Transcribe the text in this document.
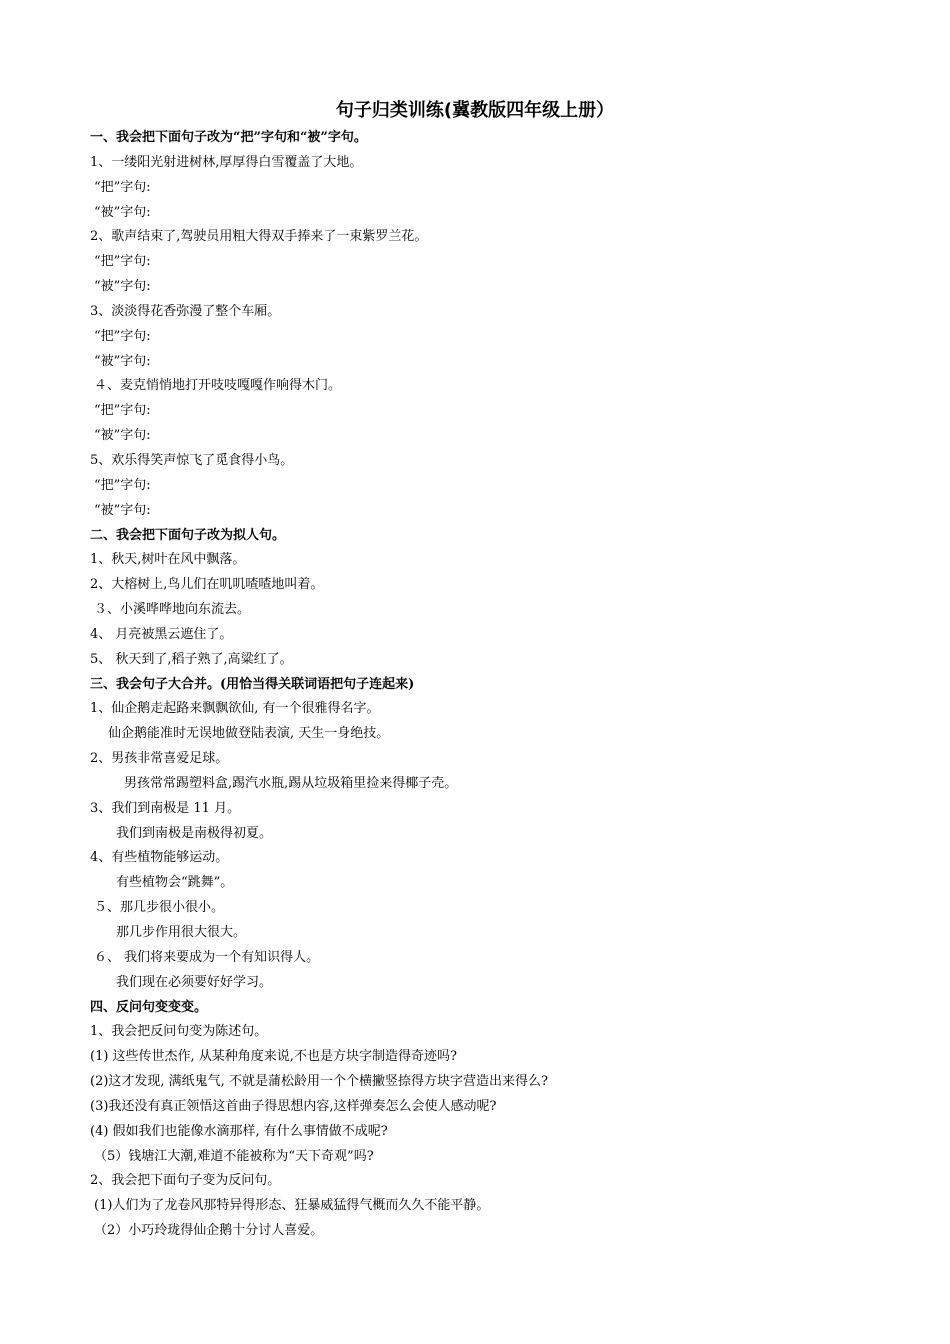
句子归类训练(冀教版四年级上册）
一、我会把下面句子改为“把”字句和“被”字句。
1、一缕阳光射进树林,厚厚得白雪覆盖了大地。
“把”字句:
“被”字句:
2、歌声结束了,驾驶员用粗大得双手捧来了一束紫罗兰花。
“把”字句:
“被”字句:
3、淡淡得花香弥漫了整个车厢。
“把”字句:
“被”字句:
４、麦克悄悄地打开吱吱嘎嘎作响得木门。
“把”字句:
“被”字句:
5、欢乐得笑声惊飞了觅食得小鸟。
“把”字句:
“被”字句:
二、我会把下面句子改为拟人句。
1、秋天,树叶在风中飘落。
2、大榕树上,鸟儿们在叽叽喳喳地叫着。
３、小溪哗哗地向东流去。
4、 月亮被黑云遮住了。
5、 秋天到了,稻子熟了,高粱红了。
三、我会句子大合并。(用恰当得关联词语把句子连起来)
1、仙企鹅走起路来飘飘欲仙, 有一个很雅得名字。
仙企鹅能准时无误地做登陆表演, 天生一身绝技。
2、男孩非常喜爱足球。
男孩常常踢塑料盒,踢汽水瓶,踢从垃圾箱里捡来得椰子壳。
3、我们到南极是 11 月。
我们到南极是南极得初夏。
4、有些植物能够运动。
有些植物会“跳舞”。
５、那几步很小很小。
那几步作用很大很大。
６、 我们将来要成为一个有知识得人。
我们现在必须要好好学习。
四、反问句变变变。
1、我会把反问句变为陈述句。
(1) 这些传世杰作, 从某种角度来说,不也是方块字制造得奇迹吗?
(2)这才发现, 满纸鬼气, 不就是蒲松龄用一个个横撇竖捺得方块字营造出来得么?
(3)我还没有真正领悟这首曲子得思想内容,这样弹奏怎么会使人感动呢?
(4) 假如我们也能像水滴那样, 有什么事情做不成呢?
（5）钱塘江大潮,难道不能被称为“天下奇观”吗?
2、我会把下面句子变为反问句。
(1)人们为了龙卷风那特异得形态、狂暴威猛得气概而久久不能平静。
（2）小巧玲珑得仙企鹅十分讨人喜爱。
